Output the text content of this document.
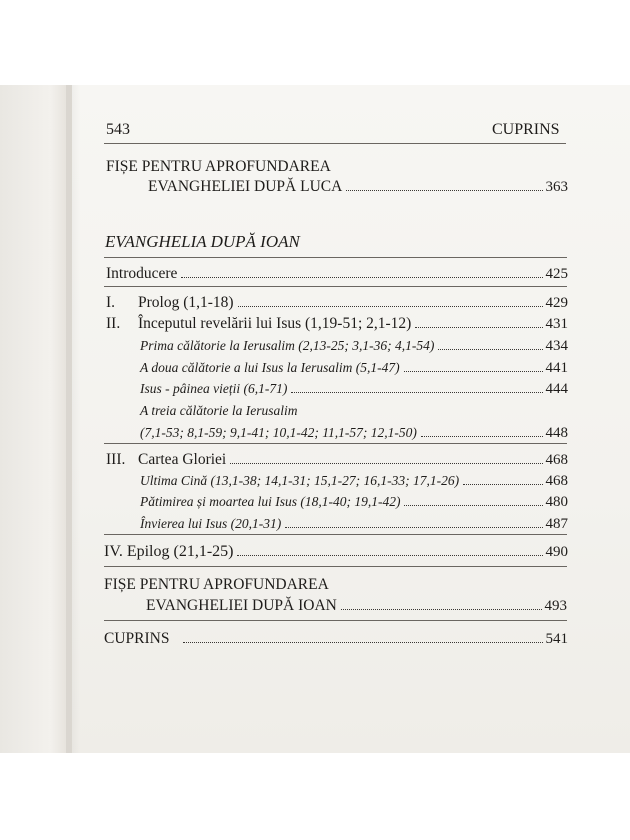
543	CUPRINS
FIȘE PENTRU APROFUNDAREA
EVANGHELIEI DUPĂ LUCA	363
EVANGHELIA DUPĂ IOAN
Introducere	425
I. Prolog (1,1-18)	429
II. Începutul revelării lui Isus (1,19-51; 2,1-12)	431
Prima călătorie la Ierusalim (2,13-25; 3,1-36; 4,1-54)	434
A doua călătorie a lui Isus la Ierusalim (5,1-47)	441
Isus - pâinea vieții (6,1-71)	444
A treia călătorie la Ierusalim
(7,1-53; 8,1-59; 9,1-41; 10,1-42; 11,1-57; 12,1-50)	448
III. Cartea Gloriei	468
Ultima Cină (13,1-38; 14,1-31; 15,1-27; 16,1-33; 17,1-26)	468
Pătimirea și moartea lui Isus (18,1-40; 19,1-42)	480
Învierea lui Isus (20,1-31)	487
IV. Epilog (21,1-25)	490
FIȘE PENTRU APROFUNDAREA
EVANGHELIEI DUPĂ IOAN	493
CUPRINS	541
